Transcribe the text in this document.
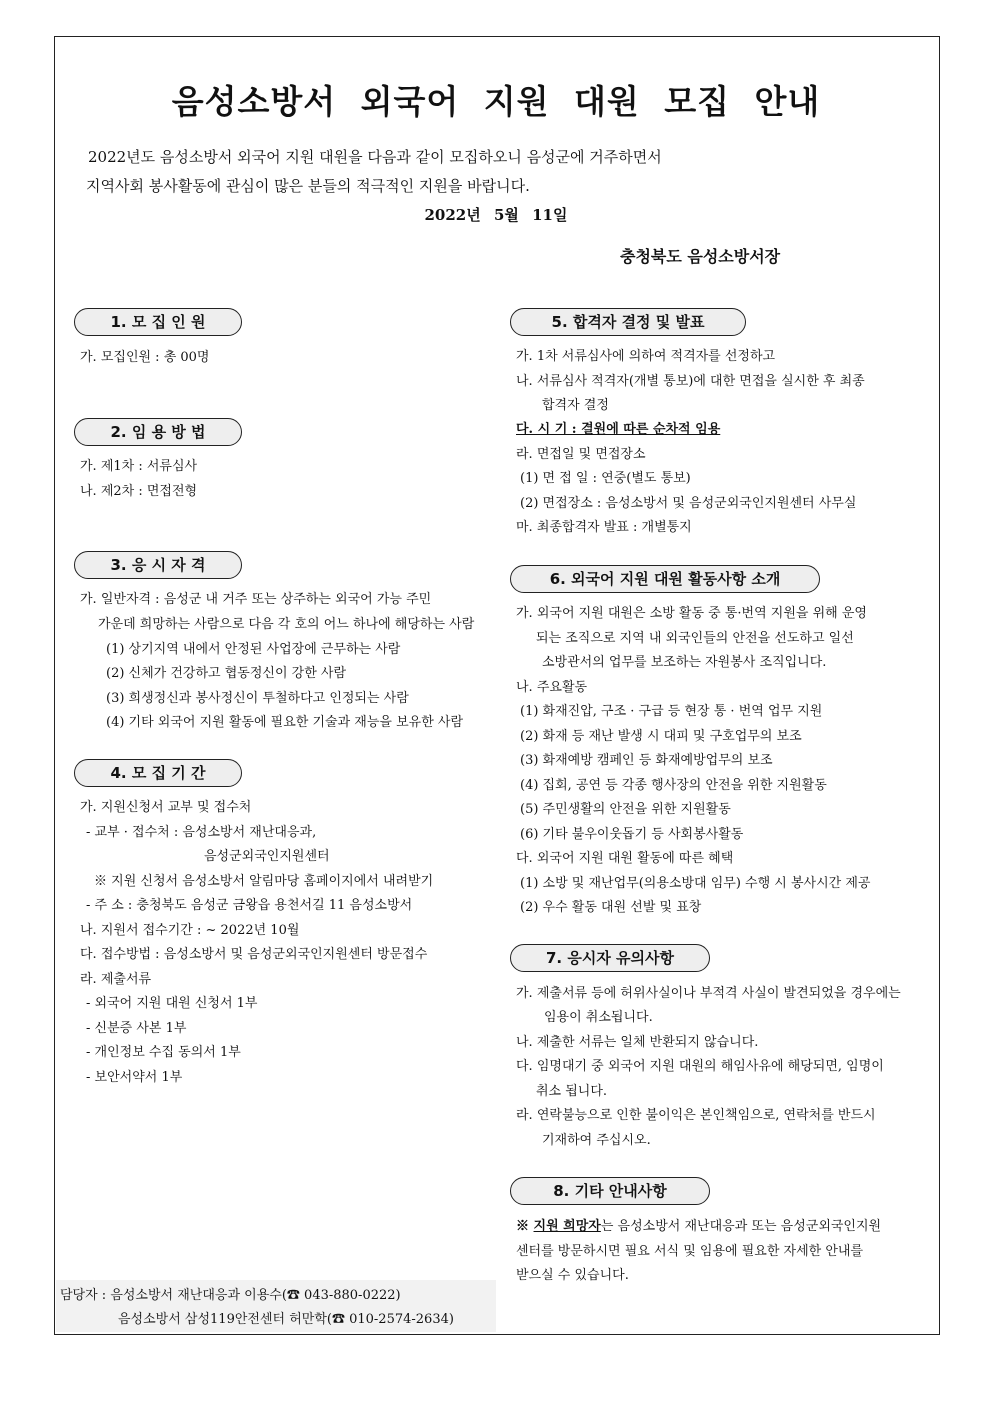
음성소방서 외국어 지원 대원 모집 안내
2022년도 음성소방서 외국어 지원 대원을 다음과 같이 모집하오니 음성군에 거주하면서
지역사회 봉사활동에 관심이 많은 분들의 적극적인 지원을 바랍니다.
2022년 5월 11일
충청북도 음성소방서장
1. 모 집 인 원
가. 모집인원 : 총 00명
2. 임 용 방 법
가. 제1차 : 서류심사
나. 제2차 : 면접전형
3. 응 시 자 격
가. 일반자격 : 음성군 내 거주 또는 상주하는 외국어 가능 주민
가운데 희망하는 사람으로 다음 각 호의 어느 하나에 해당하는 사람
(1) 상기지역 내에서 안정된 사업장에 근무하는 사람
(2) 신체가 건강하고 협동정신이 강한 사람
(3) 희생정신과 봉사정신이 투철하다고 인정되는 사람
(4) 기타 외국어 지원 활동에 필요한 기술과 재능을 보유한 사람
4. 모 집 기 간
가. 지원신청서 교부 및 접수처
- 교부 · 접수처 : 음성소방서 재난대응과,
음성군외국인지원센터
※ 지원 신청서 음성소방서 알림마당 홈페이지에서 내려받기
- 주 소 : 충청북도 음성군 금왕읍 용천서길 11 음성소방서
나. 지원서 접수기간 : ~ 2022년 10월
다. 접수방법 : 음성소방서 및 음성군외국인지원센터 방문접수
라. 제출서류
- 외국어 지원 대원 신청서 1부
- 신분증 사본 1부
- 개인정보 수집 동의서 1부
- 보안서약서 1부
5. 합격자 결정 및 발표
가. 1차 서류심사에 의하여 적격자를 선정하고
나. 서류심사 적격자(개별 통보)에 대한 면접을 실시한 후 최종
합격자 결정
다. 시 기 : 결원에 따른 순차적 임용
라. 면접일 및 면접장소
(1) 면 접 일 : 연중(별도 통보)
(2) 면접장소 : 음성소방서 및 음성군외국인지원센터 사무실
마. 최종합격자 발표 : 개별통지
6. 외국어 지원 대원 활동사항 소개
가. 외국어 지원 대원은 소방 활동 중 통·번역 지원을 위해 운영
되는 조직으로 지역 내 외국인들의 안전을 선도하고 일선
소방관서의 업무를 보조하는 자원봉사 조직입니다.
나. 주요활동
(1) 화재진압, 구조 · 구급 등 현장 통 · 번역 업무 지원
(2) 화재 등 재난 발생 시 대피 및 구호업무의 보조
(3) 화재예방 캠페인 등 화재예방업무의 보조
(4) 집회, 공연 등 각종 행사장의 안전을 위한 지원활동
(5) 주민생활의 안전을 위한 지원활동
(6) 기타 불우이웃돕기 등 사회봉사활동
다. 외국어 지원 대원 활동에 따른 혜택
(1) 소방 및 재난업무(의용소방대 임무) 수행 시 봉사시간 제공
(2) 우수 활동 대원 선발 및 표창
7. 응시자 유의사항
가. 제출서류 등에 허위사실이나 부적격 사실이 발견되었을 경우에는
임용이 취소됩니다.
나. 제출한 서류는 일체 반환되지 않습니다.
다. 임명대기 중 외국어 지원 대원의 해임사유에 해당되면, 임명이
취소 됩니다.
라. 연락불능으로 인한 불이익은 본인책임으로, 연락처를 반드시
기재하여 주십시오.
8. 기타 안내사항
※ 지원 희망자는 음성소방서 재난대응과 또는 음성군외국인지원
센터를 방문하시면 필요 서식 및 임용에 필요한 자세한 안내를
받으실 수 있습니다.
담당자 : 음성소방서 재난대응과 이용수(☎ 043-880-0222)
음성소방서 삼성119안전센터 허만학(☎ 010-2574-2634)
